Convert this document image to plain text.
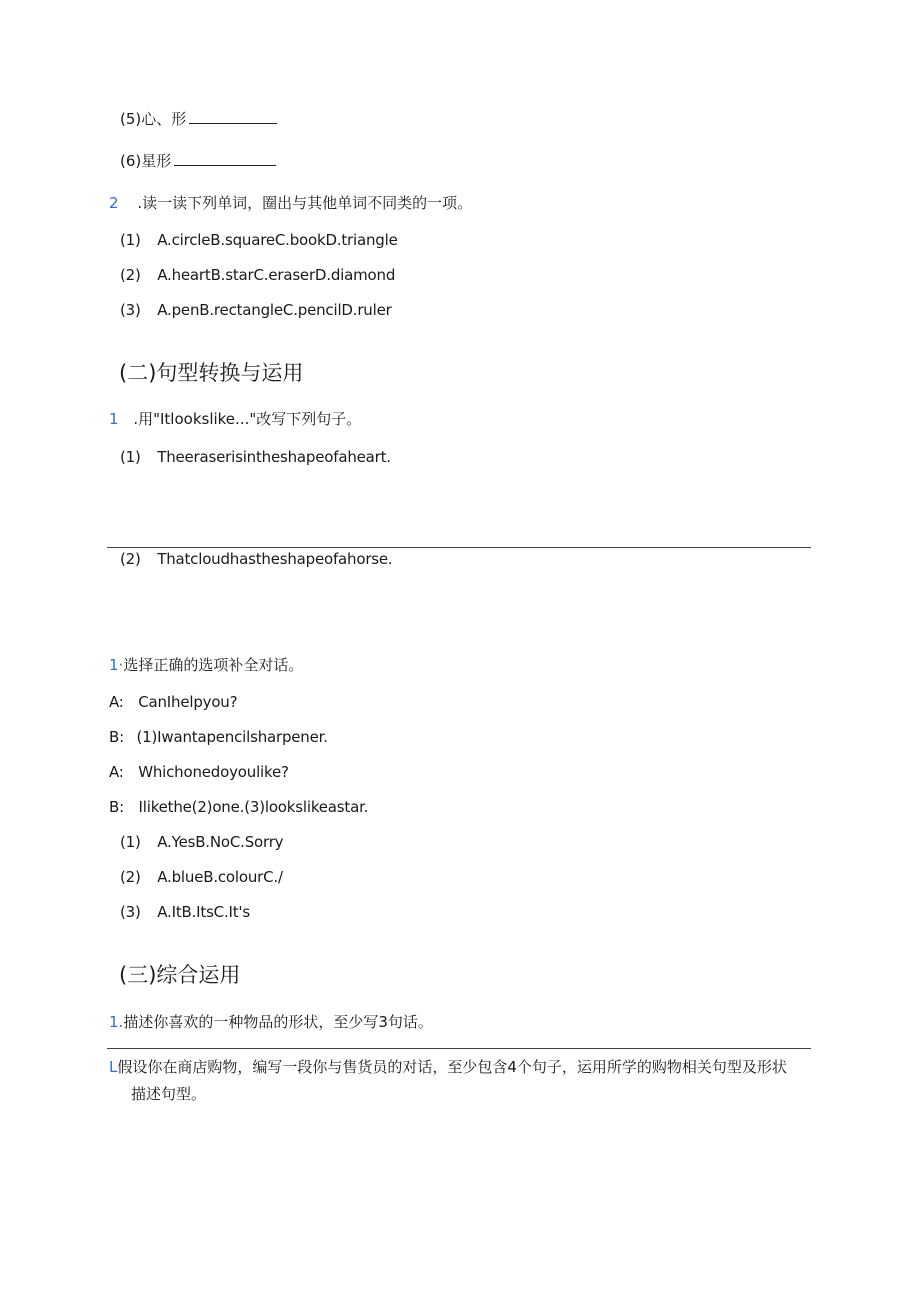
(5)心、形
(6)星形
2 .读一读下列单词，圈出与其他单词不同类的一项。
(1) A.circleB.squareC.bookD.triangle
(2) A.heartB.starC.eraserD.diamond
(3) A.penB.rectangleC.pencilD.ruler
(二)句型转换与运用
1 .用"Itlookslike..."改写下列句子。
(1) Theeraserisintheshapeofaheart.
(2) Thatcloudhastheshapeofahorse.
1·选择正确的选项补全对话。
A: CanIhelpyou?
B: (1)Iwantapencilsharpener.
A: Whichonedoyoulike?
B: Ilikethe(2)one.(3)lookslikeastar.
(1) A.YesB.NoC.Sorry
(2) A.blueB.colourC./
(3) A.ItB.ItsC.It's
(三)综合运用
1.描述你喜欢的一种物品的形状，至少写3句话。
L假设你在商店购物，编写一段你与售货员的对话，至少包含4个句子，运用所学的购物相关句型及形状
描述句型。
